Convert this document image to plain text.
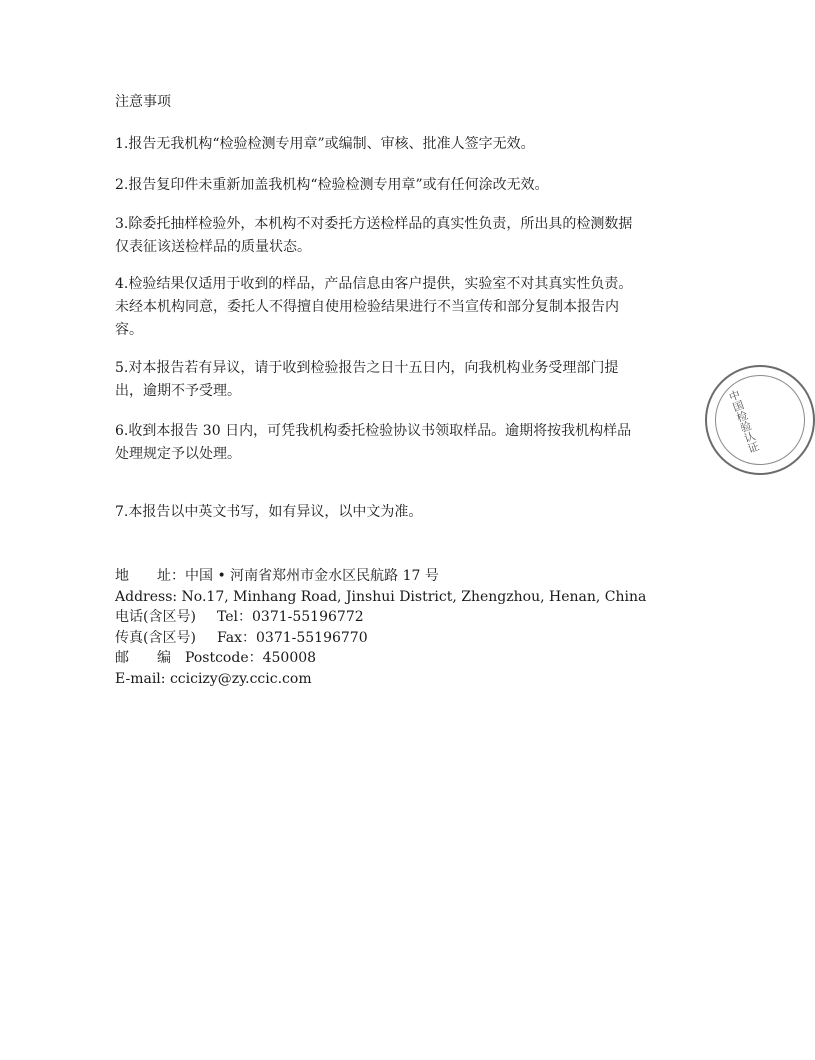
注意事项

1.报告无我机构“检验检测专用章”或编制、审核、批准人签字无效。

2.报告复印件未重新加盖我机构“检验检测专用章”或有任何涂改无效。

3.除委托抽样检验外，本机构不对委托方送检样品的真实性负责，所出具的检测数据仅表征该送检样品的质量状态。

4.检验结果仅适用于收到的样品，产品信息由客户提供，实验室不对其真实性负责。未经本机构同意，委托人不得擅自使用检验结果进行不当宣传和部分复制本报告内容。

5.对本报告若有异议，请于收到检验报告之日十五日内，向我机构业务受理部门提出，逾期不予受理。

6.收到本报告 30 日内，可凭我机构委托检验协议书领取样品。逾期将按我机构样品处理规定予以处理。

7.本报告以中英文书写，如有异议，以中文为准。

地　　址：中国 • 河南省郑州市金水区民航路 17 号
Address: No.17, Minhang Road, Jinshui District, Zhengzhou, Henan, China
电话(含区号) Tel：0371-55196772
传真(含区号) Fax：0371-55196770
邮　　编 Postcode：450008
E-mail: ccicizy@zy.ccic.com
中国检验认证
